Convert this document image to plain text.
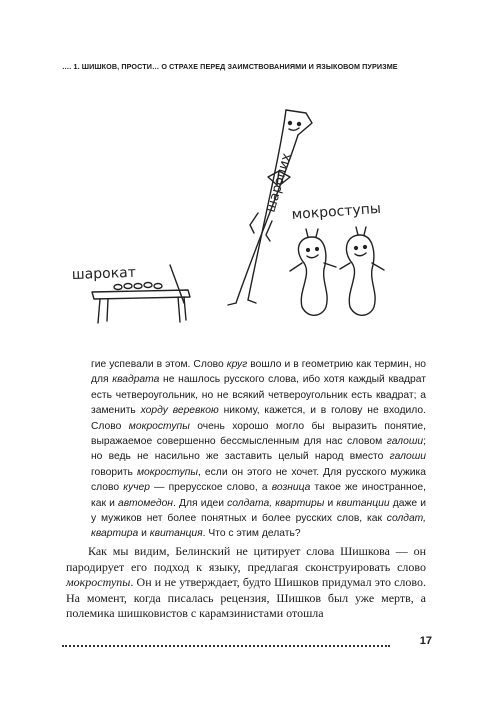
…. 1. ШИШКОВ, ПРОСТИ… О СТРАХЕ ПЕРЕД ЗАИМСТВОВАНИЯМИ И ЯЗЫКОВОМ ПУРИЗМЕ
шарокат
шаропих
мокроступы

гие успевали в этом. Слово круг вошло и в геометрию как термин, но для квадрата не нашлось русского слова, ибо хотя каждый квадрат есть четвероугольник, но не всякий четвероугольник есть квадрат; а заменить хорду веревкою никому, кажется, и в голову не входило. Слово мокроступы очень хорошо могло бы выразить понятие, выражаемое совершенно бессмысленным для нас словом галоши; но ведь не насильно же заставить целый народ вместо галоши говорить мокроступы, если он этого не хочет. Для русского мужика слово кучер — прерусское слово, а возница такое же иностранное, как и автомедон. Для идеи солдата, квартиры и квитанции даже и у мужиков нет более понятных и более русских слов, как солдат, квартира и квитанция. Что с этим делать?

Как мы видим, Белинский не цитирует слова Шишкова — он пародирует его подход к языку, предлагая сконструировать слово мокроступы. Он и не утверждает, будто Шишков придумал это слово. На момент, когда писалась рецензия, Шишков был уже мертв, а полемика шишковистов с карамзинистами отошла

17
